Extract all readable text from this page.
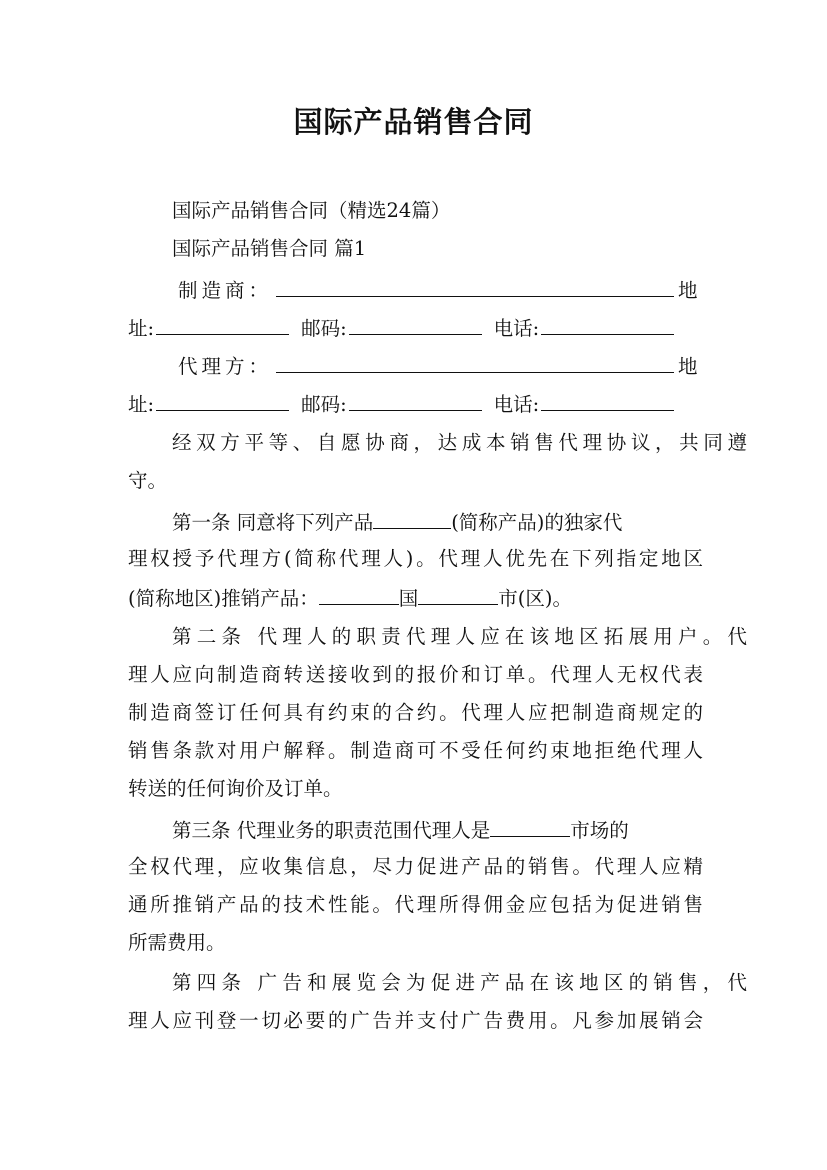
国际产品销售合同
国际产品销售合同（精选24篇）
国际产品销售合同 篇1
制造商：	地
址:	邮码:	电话:
代理方：	地
址:	邮码:	电话:
经双方平等、自愿协商，达成本销售代理协议，共同遵
守。
第一条 同意将下列产品	(简称产品)的独家代
理权授予代理方(简称代理人)。代理人优先在下列指定地区
(简称地区)推销产品：	国	市(区)。
第二条 代理人的职责代理人应在该地区拓展用户。代
理人应向制造商转送接收到的报价和订单。代理人无权代表
制造商签订任何具有约束的合约。代理人应把制造商规定的
销售条款对用户解释。制造商可不受任何约束地拒绝代理人
转送的任何询价及订单。
第三条 代理业务的职责范围代理人是	市场的
全权代理，应收集信息，尽力促进产品的销售。代理人应精
通所推销产品的技术性能。代理所得佣金应包括为促进销售
所需费用。
第四条 广告和展览会为促进产品在该地区的销售，代
理人应刊登一切必要的广告并支付广告费用。凡参加展销会
